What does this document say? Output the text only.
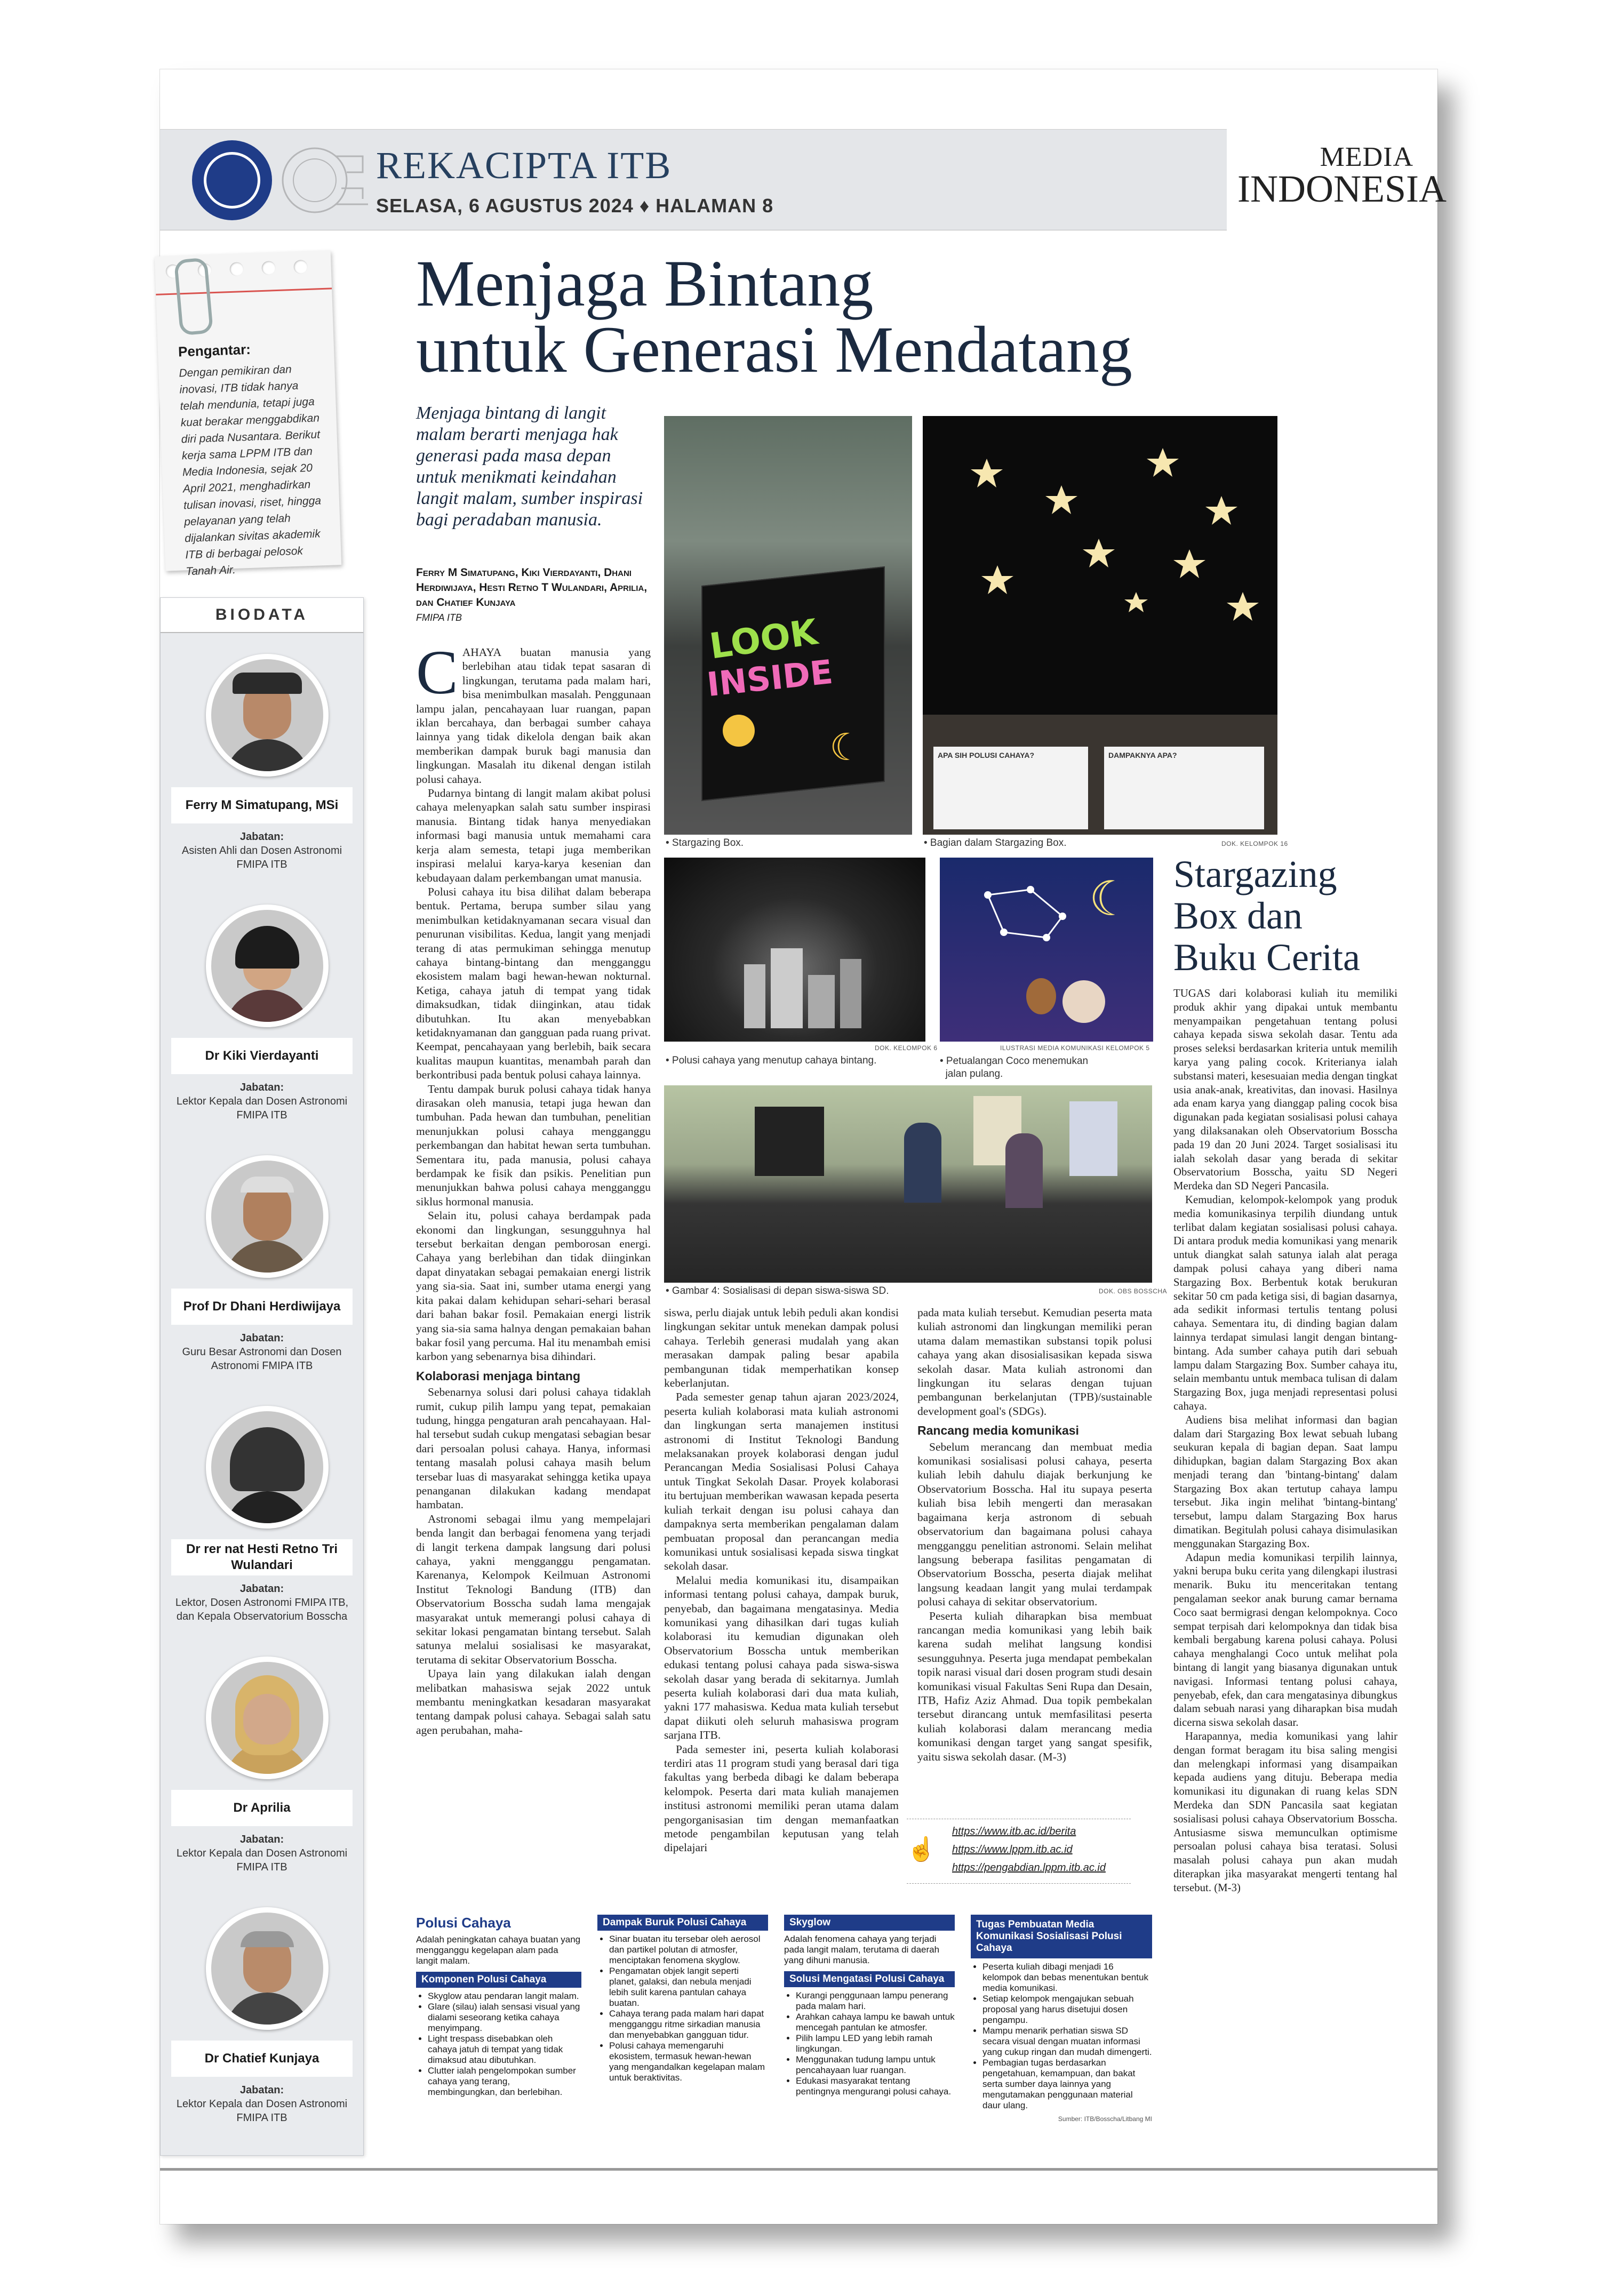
REKACIPTA ITB
SELASA, 6 AGUSTUS 2024 ♦ HALAMAN 8
MEDIA
INDONESIA
Pengantar:
Dengan pemikiran dan inovasi, ITB tidak hanya telah mendunia, tetapi juga kuat berakar menggabdikan diri pada Nusantara. Berikut kerja sama LPPM ITB dan Media Indonesia, sejak 20 April 2021, menghadirkan tulisan inovasi, riset, hingga pelayanan yang telah dijalankan sivitas akademik ITB di berbagai pelosok Tanah Air.
BIODATA
Ferry M Simatupang, MSi
Jabatan:
Asisten Ahli dan Dosen Astronomi FMIPA ITB
Dr Kiki Vierdayanti
Jabatan:
Lektor Kepala dan Dosen Astronomi FMIPA ITB
Prof Dr Dhani Herdiwijaya
Jabatan:
Guru Besar Astronomi dan Dosen Astronomi FMIPA ITB
Dr rer nat Hesti Retno Tri Wulandari
Jabatan:
Lektor, Dosen Astronomi FMIPA ITB, dan Kepala Observatorium Bosscha
Dr Aprilia
Jabatan:
Lektor Kepala dan Dosen Astronomi FMIPA ITB
Dr Chatief Kunjaya
Jabatan:
Lektor Kepala dan Dosen Astronomi FMIPA ITB
Menjaga Bintang
untuk Generasi Mendatang
Menjaga bintang di langit malam berarti menjaga hak generasi pada masa depan untuk menikmati keindahan langit malam, sumber inspirasi bagi peradaban manusia.
Ferry M Simatupang, Kiki Vierdayanti, Dhani Herdiwijaya, Hesti Retno T Wulandari, Aprilia, dan Chatief Kunjaya
FMIPA ITB

CAHAYA buatan manusia yang berlebihan atau tidak tepat sasaran di lingkungan, terutama pada malam hari, bisa menimbulkan masalah. Penggunaan lampu jalan, pencahayaan luar ruangan, papan iklan bercahaya, dan berbagai sumber cahaya lainnya yang tidak dikelola dengan baik akan memberikan dampak buruk bagi manusia dan lingkungan. Masalah itu dikenal dengan istilah polusi cahaya.

Pudarnya bintang di langit malam akibat polusi cahaya melenyapkan salah satu sumber inspirasi manusia. Bintang tidak hanya menyediakan informasi bagi manusia untuk memahami cara kerja alam semesta, tetapi juga memberikan inspirasi melalui karya-karya kesenian dan kebudayaan dalam perkembangan umat manusia.

Polusi cahaya itu bisa dilihat dalam beberapa bentuk. Pertama, berupa sumber silau yang menimbulkan ketidaknyamanan secara visual dan penurunan visibilitas. Kedua, langit yang menjadi terang di atas permukiman sehingga menutup cahaya bintang-bintang dan mengganggu ekosistem malam bagi hewan-hewan nokturnal. Ketiga, cahaya jatuh di tempat yang tidak dimaksudkan, tidak diinginkan, atau tidak dibutuhkan. Itu akan menyebabkan ketidaknyamanan dan gangguan pada ruang privat. Keempat, pencahayaan yang berlebih, baik secara kualitas maupun kuantitas, menambah parah dan berkontribusi pada bentuk polusi cahaya lainnya.

Tentu dampak buruk polusi cahaya tidak hanya dirasakan oleh manusia, tetapi juga hewan dan tumbuhan. Pada hewan dan tumbuhan, penelitian menunjukkan polusi cahaya mengganggu perkembangan dan habitat hewan serta tumbuhan. Sementara itu, pada manusia, polusi cahaya berdampak ke fisik dan psikis. Penelitian pun menunjukkan bahwa polusi cahaya mengganggu siklus hormonal manusia.

Selain itu, polusi cahaya berdampak pada ekonomi dan lingkungan, sesungguhnya hal tersebut berkaitan dengan pemborosan energi. Cahaya yang berlebihan dan tidak diinginkan dapat dinyatakan sebagai pemakaian energi listrik yang sia-sia. Saat ini, sumber utama energi yang kita pakai dalam kehidupan sehari-sehari berasal dari bahan bakar fosil. Pemakaian energi listrik yang sia-sia sama halnya dengan pemakaian bahan bakar fosil yang percuma. Hal itu menambah emisi karbon yang sebenarnya bisa dihindari.

Kolaborasi menjaga bintang

Sebenarnya solusi dari polusi cahaya tidaklah rumit, cukup pilih lampu yang tepat, pemakaian tudung, hingga pengaturan arah pencahayaan. Hal-hal tersebut sudah cukup mengatasi sebagian besar dari persoalan polusi cahaya. Hanya, informasi tentang masalah polusi cahaya masih belum tersebar luas di masyarakat sehingga ketika upaya penanganan dilakukan kadang mendapat hambatan.

Astronomi sebagai ilmu yang mempelajari benda langit dan berbagai fenomena yang terjadi di langit terkena dampak langsung dari polusi cahaya, yakni mengganggu pengamatan. Karenanya, Kelompok Keilmuan Astronomi Institut Teknologi Bandung (ITB) dan Observatorium Bosscha sudah lama mengajak masyarakat untuk memerangi polusi cahaya di sekitar lokasi pengamatan bintang tersebut. Salah satunya melalui sosialisasi ke masyarakat, terutama di sekitar Observatorium Bosscha.

Upaya lain yang dilakukan ialah dengan melibatkan mahasiswa sejak 2022 untuk membantu meningkatkan kesadaran masyarakat tentang dampak polusi cahaya. Sebagai salah satu agen perubahan, maha-

LOOK
INSIDE
☾
• Stargazing Box.
APA SIH POLUSI CAHAYA?	DAMPAKNYA APA?
• Bagian dalam Stargazing Box.	DOK. KELOMPOK 16
DOK. KELOMPOK 6
• Polusi cahaya yang menutup cahaya bintang.
☾
ILUSTRASI MEDIA KOMUNIKASI KELOMPOK 5
• Petualangan Coco menemukan
jalan pulang.
Stargazing
Box dan
Buku Cerita
• Gambar 4: Sosialisasi di depan siswa-siswa SD.	DOK. OBS BOSSCHA

siswa, perlu diajak untuk lebih peduli akan kondisi lingkungan sekitar untuk menekan dampak polusi cahaya. Terlebih generasi mudalah yang akan merasakan dampak paling besar apabila pembangunan tidak memperhatikan konsep keberlanjutan.

Pada semester genap tahun ajaran 2023/2024, peserta kuliah kolaborasi mata kuliah astronomi dan lingkungan serta manajemen institusi astronomi di Institut Teknologi Bandung melaksanakan proyek kolaborasi dengan judul Perancangan Media Sosialisasi Polusi Cahaya untuk Tingkat Sekolah Dasar. Proyek kolaborasi itu bertujuan memberikan wawasan kepada peserta kuliah terkait dengan isu polusi cahaya dan dampaknya serta memberikan pengalaman dalam pembuatan proposal dan perancangan media komunikasi untuk sosialisasi kepada siswa tingkat sekolah dasar.

Melalui media komunikasi itu, disampaikan informasi tentang polusi cahaya, dampak buruk, penyebab, dan bagaimana mengatasinya. Media komunikasi yang dihasilkan dari tugas kuliah kolaborasi itu kemudian digunakan oleh Observatorium Bosscha untuk memberikan edukasi tentang polusi cahaya pada siswa-siswa sekolah dasar yang berada di sekitarnya. Jumlah peserta kuliah kolaborasi dari dua mata kuliah, yakni 177 mahasiswa. Kedua mata kuliah tersebut dapat diikuti oleh seluruh mahasiswa program sarjana ITB.

Pada semester ini, peserta kuliah kolaborasi terdiri atas 11 program studi yang berasal dari tiga fakultas yang berbeda dibagi ke dalam beberapa kelompok. Peserta dari mata kuliah manajemen institusi astronomi memiliki peran utama dalam pengorganisasian tim dengan memanfaatkan metode pengambilan keputusan yang telah dipelajari

pada mata kuliah tersebut. Kemudian peserta mata kuliah astronomi dan lingkungan memiliki peran utama dalam memastikan substansi topik polusi cahaya yang akan disosialisasikan kepada siswa sekolah dasar. Mata kuliah astronomi dan lingkungan itu selaras dengan tujuan pembangunan berkelanjutan (TPB)/sustainable development goal's (SDGs).

Rancang media komunikasi

Sebelum merancang dan membuat media komunikasi sosialisasi polusi cahaya, peserta kuliah lebih dahulu diajak berkunjung ke Observatorium Bosscha. Hal itu supaya peserta kuliah bisa lebih mengerti dan merasakan bagaimana kerja astronom di sebuah observatorium dan bagaimana polusi cahaya mengganggu penelitian astronomi. Selain melihat langsung beberapa fasilitas pengamatan di Observatorium Bosscha, peserta diajak melihat langsung keadaan langit yang mulai terdampak polusi cahaya di sekitar observatorium.

Peserta kuliah diharapkan bisa membuat rancangan media komunikasi yang lebih baik karena sudah melihat langsung kondisi sesungguhnya. Peserta juga mendapat pembekalan topik narasi visual dari dosen program studi desain komunikasi visual Fakultas Seni Rupa dan Desain, ITB, Hafiz Aziz Ahmad. Dua topik pembekalan tersebut dirancang untuk memfasilitasi peserta kuliah kolaborasi dalam merancang media komunikasi dengan target yang sangat spesifik, yaitu siswa sekolah dasar. (M-3)

☝
https://www.itb.ac.id/berita
https://www.lppm.itb.ac.id
https://pengabdian.lppm.itb.ac.id

TUGAS dari kolaborasi kuliah itu memiliki produk akhir yang dipakai untuk membantu menyampaikan pengetahuan tentang polusi cahaya kepada siswa sekolah dasar. Tentu ada proses seleksi berdasarkan kriteria untuk memilih karya yang paling cocok. Kriterianya ialah substansi materi, kesesuaian media dengan tingkat usia anak-anak, kreativitas, dan inovasi. Hasilnya ada enam karya yang dianggap paling cocok bisa digunakan pada kegiatan sosialisasi polusi cahaya yang dilaksanakan oleh Observatorium Bosscha pada 19 dan 20 Juni 2024. Target sosialisasi itu ialah sekolah dasar yang berada di sekitar Observatorium Bosscha, yaitu SD Negeri Merdeka dan SD Negeri Pancasila.

Kemudian, kelompok-kelompok yang produk media komunikasinya terpilih diundang untuk terlibat dalam kegiatan sosialisasi polusi cahaya. Di antara produk media komunikasi yang menarik untuk diangkat salah satunya ialah alat peraga dampak polusi cahaya yang diberi nama Stargazing Box. Berbentuk kotak berukuran sekitar 50 cm pada ketiga sisi, di bagian dasarnya, ada sedikit informasi tertulis tentang polusi cahaya. Sementara itu, di dinding bagian dalam lainnya terdapat simulasi langit dengan bintang-bintang. Ada sumber cahaya putih dari sebuah lampu dalam Stargazing Box. Sumber cahaya itu, selain membantu untuk membaca tulisan di dalam Stargazing Box, juga menjadi representasi polusi cahaya.

Audiens bisa melihat informasi dan bagian dalam dari Stargazing Box lewat sebuah lubang seukuran kepala di bagian depan. Saat lampu dihidupkan, bagian dalam Stargazing Box akan menjadi terang dan 'bintang-bintang' dalam Stargazing Box akan tertutup cahaya lampu tersebut. Jika ingin melihat 'bintang-bintang' tersebut, lampu dalam Stargazing Box harus dimatikan. Begitulah polusi cahaya disimulasikan menggunakan Stargazing Box.

Adapun media komunikasi terpilih lainnya, yakni berupa buku cerita yang dilengkapi ilustrasi menarik. Buku itu menceritakan tentang pengalaman seekor anak burung camar bernama Coco saat bermigrasi dengan kelompoknya. Coco sempat terpisah dari kelompoknya dan tidak bisa kembali bergabung karena polusi cahaya. Polusi cahaya menghalangi Coco untuk melihat pola bintang di langit yang biasanya digunakan untuk navigasi. Informasi tentang polusi cahaya, penyebab, efek, dan cara mengatasinya dibungkus dalam sebuah narasi yang diharapkan bisa mudah dicerna siswa sekolah dasar.

Harapannya, media komunikasi yang lahir dengan format beragam itu bisa saling mengisi dan melengkapi informasi yang disampaikan kepada audiens yang dituju. Beberapa media komunikasi itu digunakan di ruang kelas SDN Merdeka dan SDN Pancasila saat kegiatan sosialisasi polusi cahaya Observatorium Bosscha. Antusiasme siswa memunculkan optimisme persoalan polusi cahaya bisa teratasi. Solusi masalah polusi cahaya pun akan mudah diterapkan jika masyarakat mengerti tentang hal tersebut. (M-3)

Polusi Cahaya

Adalah peningkatan cahaya buatan yang mengganggu kegelapan alam pada langit malam.

Komponen Polusi Cahaya
• Skyglow atau pendaran langit malam.
• Glare (silau) ialah sensasi visual yang dialami seseorang ketika cahaya menyimpang.
• Light trespass disebabkan oleh cahaya jatuh di tempat yang tidak dimaksud atau dibutuhkan.
• Clutter ialah pengelompokan sumber cahaya yang terang, membingungkan, dan berlebihan.
Dampak Buruk Polusi Cahaya
• Sinar buatan itu tersebar oleh aerosol dan partikel polutan di atmosfer, menciptakan fenomena skyglow.
• Pengamatan objek langit seperti planet, galaksi, dan nebula menjadi lebih sulit karena pantulan cahaya buatan.
• Cahaya terang pada malam hari dapat mengganggu ritme sirkadian manusia dan menyebabkan gangguan tidur.
• Polusi cahaya memengaruhi ekosistem, termasuk hewan-hewan yang mengandalkan kegelapan malam untuk beraktivitas.
Skyglow

Adalah fenomena cahaya yang terjadi pada langit malam, terutama di daerah yang dihuni manusia.

Solusi Mengatasi Polusi Cahaya
• Kurangi penggunaan lampu penerang pada malam hari.
• Arahkan cahaya lampu ke bawah untuk mencegah pantulan ke atmosfer.
• Pilih lampu LED yang lebih ramah lingkungan.
• Menggunakan tudung lampu untuk pencahayaan luar ruangan.
• Edukasi masyarakat tentang pentingnya mengurangi polusi cahaya.
Tugas Pembuatan Media Komunikasi Sosialisasi Polusi Cahaya
• Peserta kuliah dibagi menjadi 16 kelompok dan bebas menentukan bentuk media komunikasi.
• Setiap kelompok mengajukan sebuah proposal yang harus disetujui dosen pengampu.
• Mampu menarik perhatian siswa SD secara visual dengan muatan informasi yang cukup ringan dan mudah dimengerti.
• Pembagian tugas berdasarkan pengetahuan, kemampuan, dan bakat serta sumber daya lainnya yang mengutamakan penggunaan material daur ulang.
Sumber: ITB/Bosscha/Litbang MI
